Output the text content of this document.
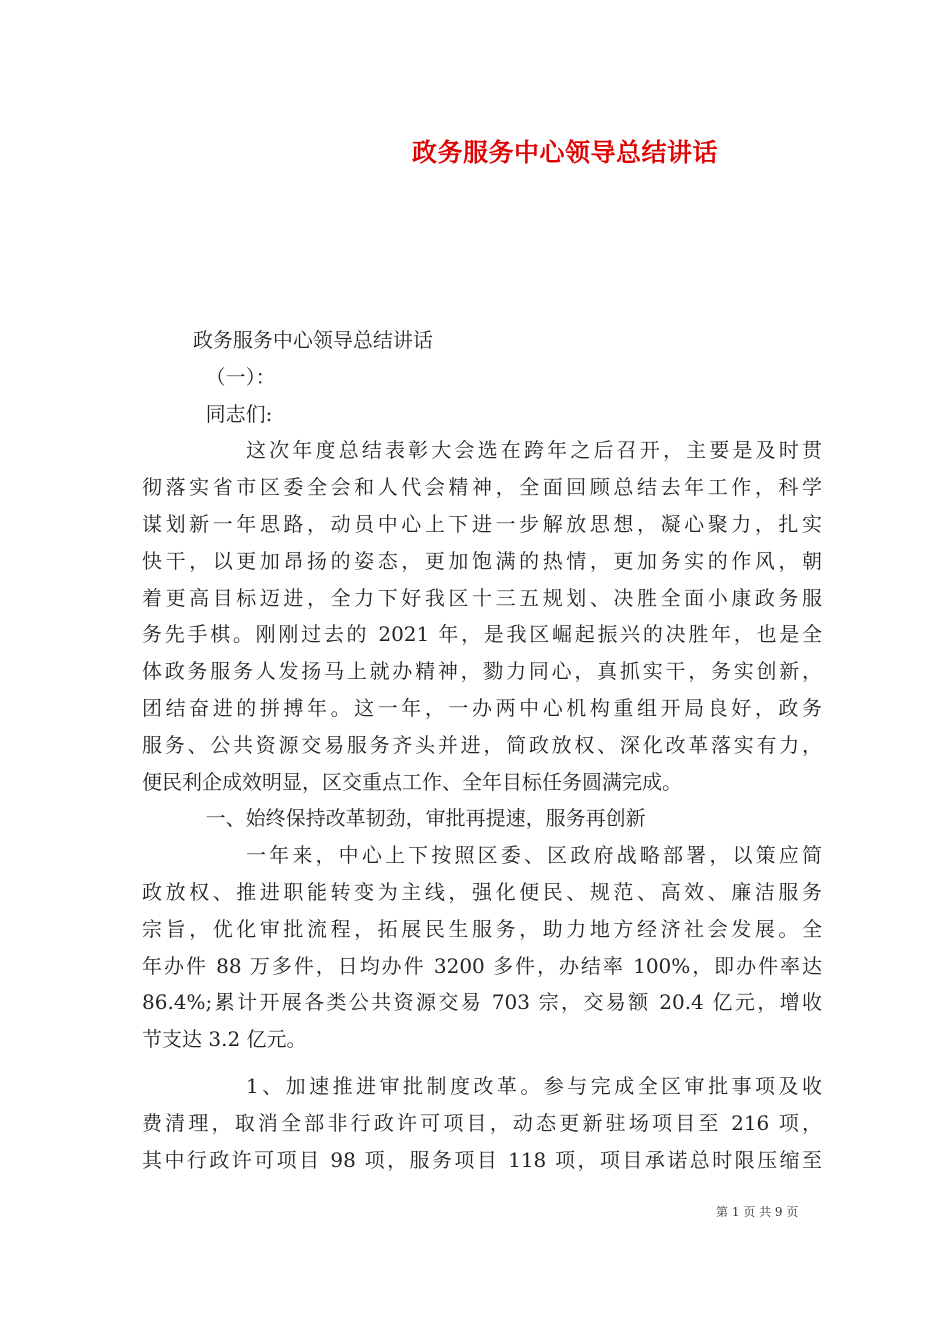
政务服务中心领导总结讲话
政务服务中心领导总结讲话
（一）：
同志们:
这次年度总结表彰大会选在跨年之后召开，主要是及时贯
彻落实省市区委全会和人代会精神，全面回顾总结去年工作，科学
谋划新一年思路，动员中心上下进一步解放思想，凝心聚力，扎实
快干，以更加昂扬的姿态，更加饱满的热情，更加务实的作风，朝
着更高目标迈进，全力下好我区十三五规划、决胜全面小康政务服
务先手棋。刚刚过去的 2021 年，是我区崛起振兴的决胜年，也是全
体政务服务人发扬马上就办精神，勠力同心，真抓实干，务实创新，
团结奋进的拼搏年。这一年，一办两中心机构重组开局良好，政务
服务、公共资源交易服务齐头并进，简政放权、深化改革落实有力，
便民利企成效明显，区交重点工作、全年目标任务圆满完成。
一、始终保持改革韧劲，审批再提速，服务再创新
一年来，中心上下按照区委、区政府战略部署，以策应简
政放权、推进职能转变为主线，强化便民、规范、高效、廉洁服务
宗旨，优化审批流程，拓展民生服务，助力地方经济社会发展。全
年办件 88 万多件，日均办件 3200 多件，办结率 100%，即办件率达
86.4%;累计开展各类公共资源交易 703 宗，交易额 20.4 亿元，增收
节支达 3.2 亿元。
1、加速推进审批制度改革。参与完成全区审批事项及收
费清理，取消全部非行政许可项目，动态更新驻场项目至 216 项，
其中行政许可项目 98 项，服务项目 118 项，项目承诺总时限压缩至
第 1 页 共 9 页
